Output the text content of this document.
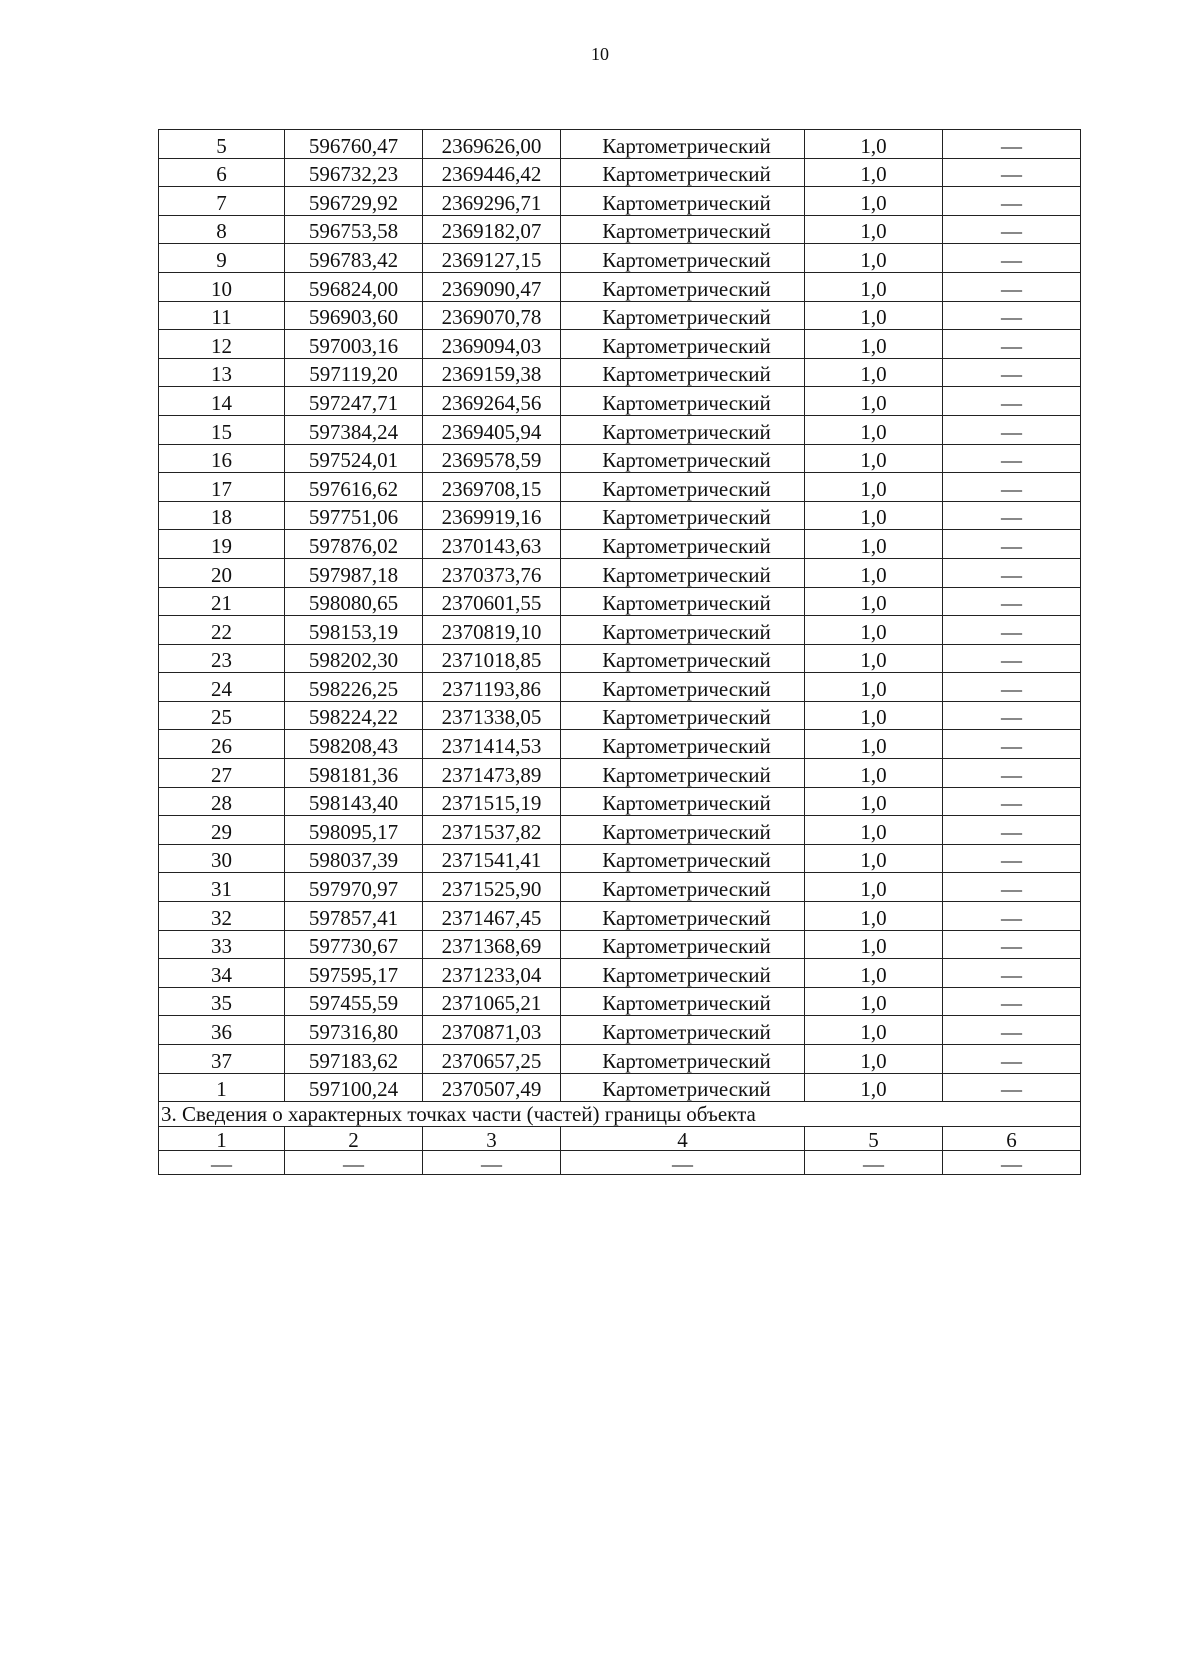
10
5	596760,47	2369626,00	Картометрический	1,0	—
6	596732,23	2369446,42	Картометрический	1,0	—
7	596729,92	2369296,71	Картометрический	1,0	—
8	596753,58	2369182,07	Картометрический	1,0	—
9	596783,42	2369127,15	Картометрический	1,0	—
10	596824,00	2369090,47	Картометрический	1,0	—
11	596903,60	2369070,78	Картометрический	1,0	—
12	597003,16	2369094,03	Картометрический	1,0	—
13	597119,20	2369159,38	Картометрический	1,0	—
14	597247,71	2369264,56	Картометрический	1,0	—
15	597384,24	2369405,94	Картометрический	1,0	—
16	597524,01	2369578,59	Картометрический	1,0	—
17	597616,62	2369708,15	Картометрический	1,0	—
18	597751,06	2369919,16	Картометрический	1,0	—
19	597876,02	2370143,63	Картометрический	1,0	—
20	597987,18	2370373,76	Картометрический	1,0	—
21	598080,65	2370601,55	Картометрический	1,0	—
22	598153,19	2370819,10	Картометрический	1,0	—
23	598202,30	2371018,85	Картометрический	1,0	—
24	598226,25	2371193,86	Картометрический	1,0	—
25	598224,22	2371338,05	Картометрический	1,0	—
26	598208,43	2371414,53	Картометрический	1,0	—
27	598181,36	2371473,89	Картометрический	1,0	—
28	598143,40	2371515,19	Картометрический	1,0	—
29	598095,17	2371537,82	Картометрический	1,0	—
30	598037,39	2371541,41	Картометрический	1,0	—
31	597970,97	2371525,90	Картометрический	1,0	—
32	597857,41	2371467,45	Картометрический	1,0	—
33	597730,67	2371368,69	Картометрический	1,0	—
34	597595,17	2371233,04	Картометрический	1,0	—
35	597455,59	2371065,21	Картометрический	1,0	—
36	597316,80	2370871,03	Картометрический	1,0	—
37	597183,62	2370657,25	Картометрический	1,0	—
1	597100,24	2370507,49	Картометрический	1,0	—
3. Сведения о характерных точках части (частей) границы объекта					
1	2	3	4	5	6
—	—	—	—	—	—
